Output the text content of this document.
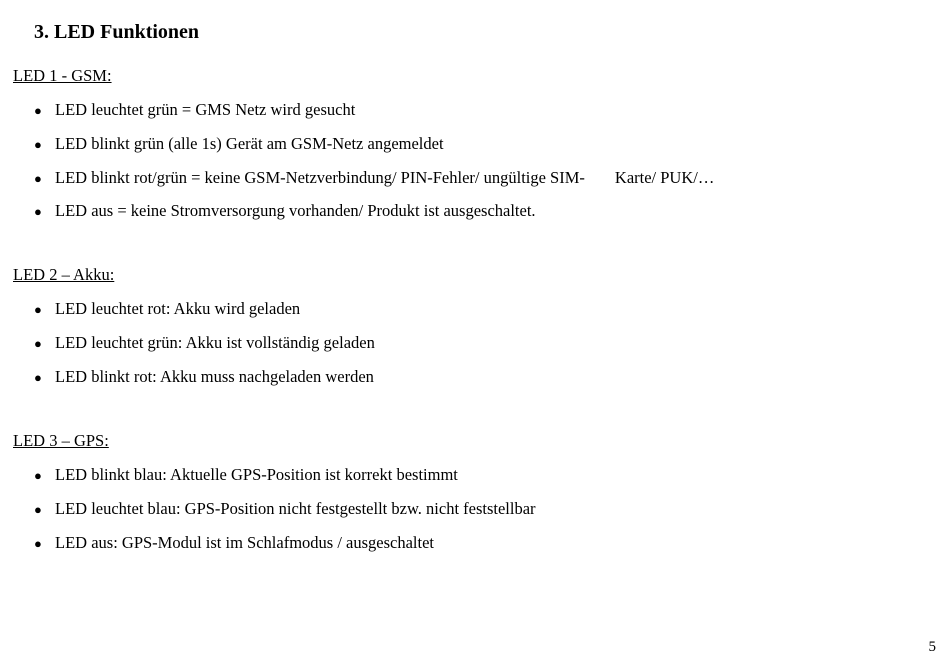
3. LED Funktionen
LED 1 - GSM:

● LED leuchtet grün = GMS Netz wird gesucht

● LED blinkt grün (alle 1s) Gerät am GSM-Netz angemeldet

● LED blinkt rot/grün = keine GSM-Netzverbindung/ PIN-Fehler/ ungültige SIM- Karte/ PUK/…

● LED aus = keine Stromversorgung vorhanden/ Produkt ist ausgeschaltet.

LED 2 – Akku:

● LED leuchtet rot: Akku wird geladen

● LED leuchtet grün: Akku ist vollständig geladen

● LED blinkt rot: Akku muss nachgeladen werden

LED 3 – GPS:

● LED blinkt blau: Aktuelle GPS-Position ist korrekt bestimmt

● LED leuchtet blau: GPS-Position nicht festgestellt bzw. nicht feststellbar

● LED aus: GPS-Modul ist im Schlafmodus / ausgeschaltet

5
